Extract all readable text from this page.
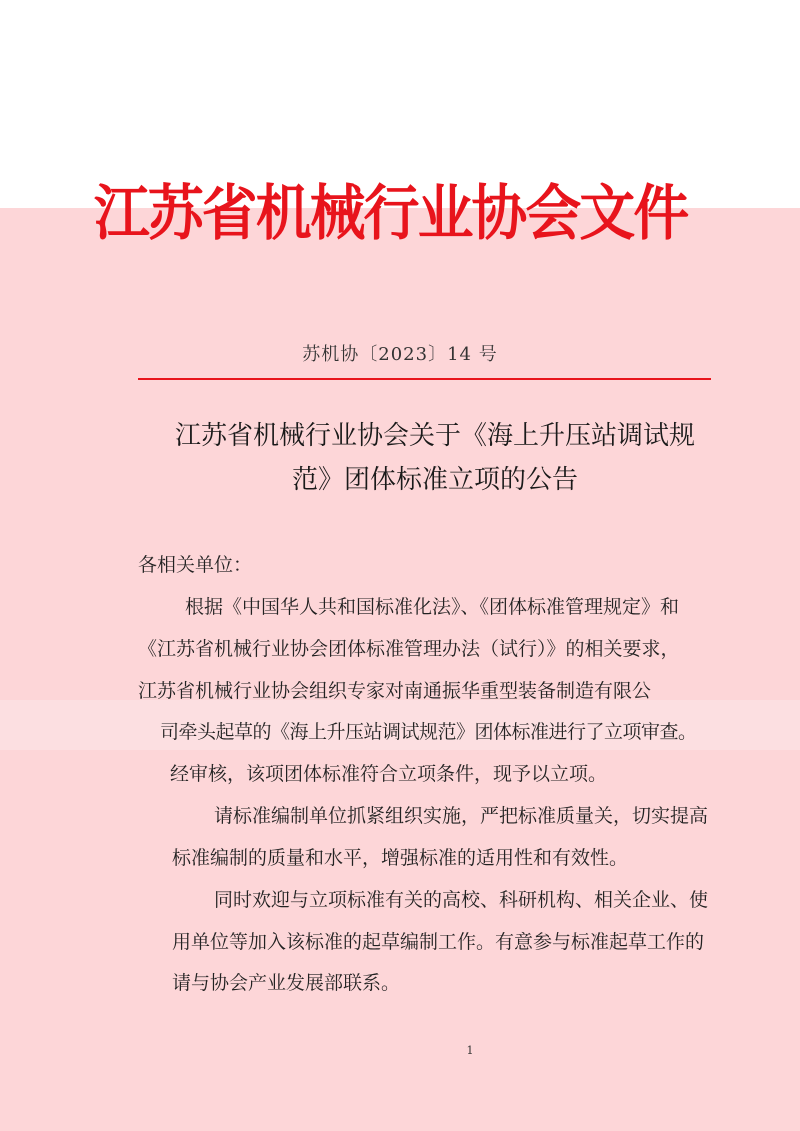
江苏省机械行业协会文件
苏机协〔2023〕14 号
江苏省机械行业协会关于《海上升压站调试规
范》团体标准立项的公告
各相关单位：
根据《中国华人共和国标准化法》、《团体标准管理规定》和
《江苏省机械行业协会团体标准管理办法（试行）》的相关要求，
江苏省机械行业协会组织专家对南通振华重型装备制造有限公
司牵头起草的《海上升压站调试规范》团体标准进行了立项审查。
经审核，该项团体标准符合立项条件，现予以立项。
请标准编制单位抓紧组织实施，严把标准质量关，切实提高
标准编制的质量和水平，增强标准的适用性和有效性。
同时欢迎与立项标准有关的高校、科研机构、相关企业、使
用单位等加入该标准的起草编制工作。有意参与标准起草工作的
请与协会产业发展部联系。
1
